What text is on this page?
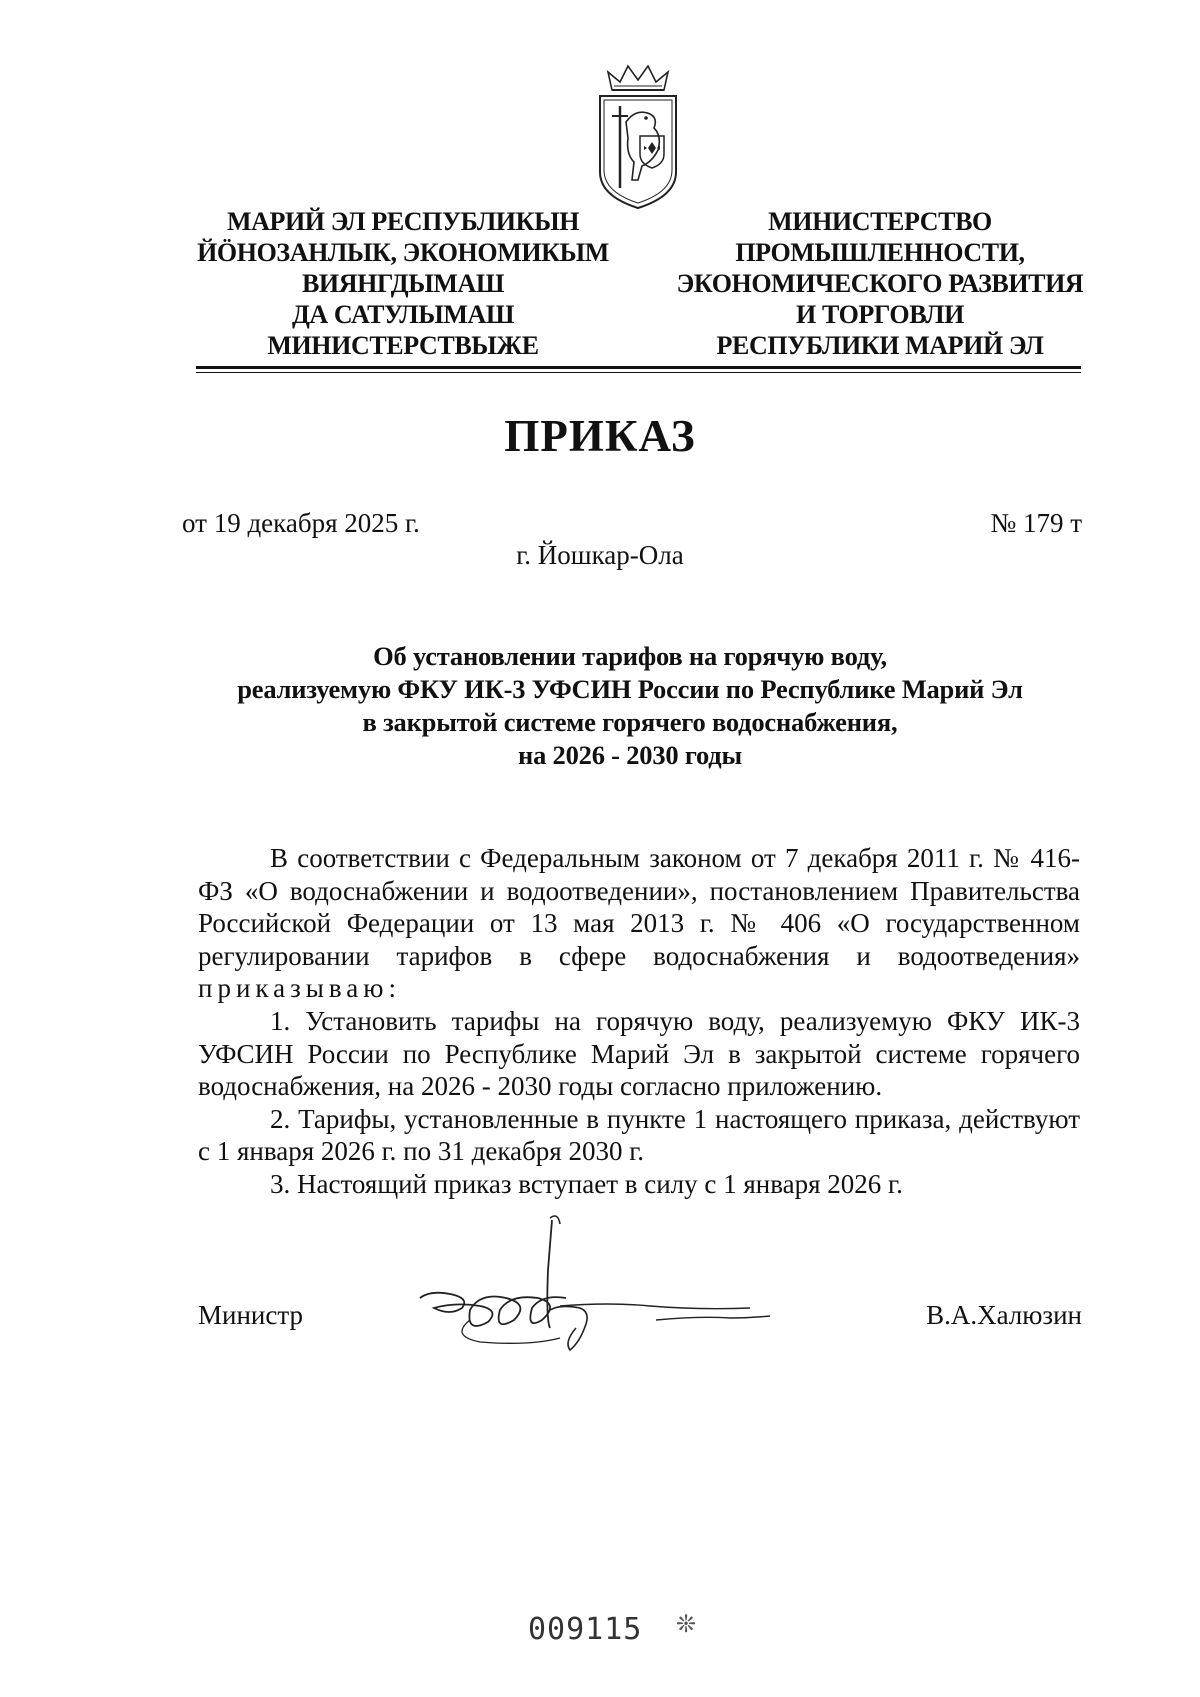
МАРИЙ ЭЛ РЕСПУБЛИКЫН
ЙÖНОЗАНЛЫК, ЭКОНОМИКЫМ
ВИЯНГДЫМАШ
ДА САТУЛЫМАШ
МИНИСТЕРСТВЫЖЕ
МИНИСТЕРСТВО
ПРОМЫШЛЕННОСТИ,
ЭКОНОМИЧЕСКОГО РАЗВИТИЯ
И ТОРГОВЛИ
РЕСПУБЛИКИ МАРИЙ ЭЛ
ПРИКАЗ
от 19 декабря 2025 г.	№ 179 т
г. Йошкар-Ола
Об установлении тарифов на горячую воду,
реализуемую ФКУ ИК-3 УФСИН России по Республике Марий Эл
в закрытой системе горячего водоснабжения,
на 2026 - 2030 годы

В соответствии с Федеральным законом от 7 декабря 2011 г. № 416-ФЗ «О водоснабжении и водоотведении», постановлением Правительства Российской Федерации от 13 мая 2013 г. № 406 «О государственном регулировании тарифов в сфере водоснабжения и водоотведения» приказываю:

1. Установить тарифы на горячую воду, реализуемую ФКУ ИК-3 УФСИН России по Республике Марий Эл в закрытой системе горячего водоснабжения, на 2026 - 2030 годы согласно приложению.

2. Тарифы, установленные в пункте 1 настоящего приказа, действуют с 1 января 2026 г. по 31 декабря 2030 г.

3. Настоящий приказ вступает в силу с 1 января 2026 г.

Министр	В.А.Халюзин
009115 ❊
